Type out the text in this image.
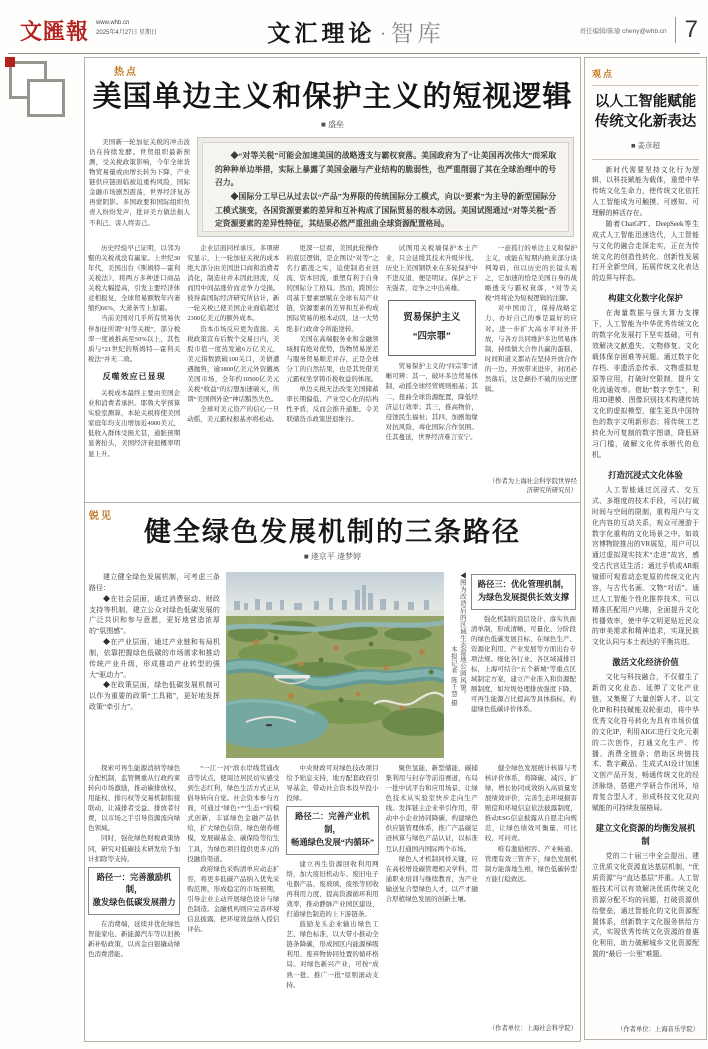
文匯報 www.whb.cn
2025年4月27日 星期日	文汇理论 · 智库	责任编辑/陈瑜 cheny@whb.cn 7
热点
美国单边主义和保护主义的短视逻辑
■ 盛垒

美国新一轮加征关税的冲击波仍在持续发酵。世贸组织最新预测，受关税政策影响，今年全球货物贸易量或由增长转为下降，产业链供应链面临被迫重构风险，国际金融市场剧烈震荡，世界经济复苏再蒙阴影。多国政要和国际组织负责人纷纷发声，批评美方做法损人不利己、害人终害己。

◆“对等关税”可能会加速美国的战略透支与霸权衰落。美国政府为了“让美国再次伟大”而采取的种种单边举措，实际上暴露了美国金融与产业结构的脆弱性，也严重削弱了其在全球治理中的号召力。

◆国际分工早已从过去以“产品”为界限的传统国际分工模式，向以“要素”为主导的新型国际分工模式演变，各国资源要素的差异和互补构成了国际贸易的根本动因。美国试图通过“对等关税”否定资源要素的差异性特征，其结果必然严重扭曲全球资源配置格局。

历史经验早已证明，以邻为壑的关税战没有赢家。上世纪30年代，美国出台《斯姆特—霍利关税法》，将两万多种进口商品关税大幅提高，引发主要经济体竞相报复，全球贸易额数年内萎缩约66%，大萧条雪上加霜。

当前美国对几乎所有贸易伙伴加征所谓“对等关税”，部分税率一度被推高至50%以上，其性质与“21世纪的斯姆特—霍利关税法”并无二致。

反噬效应已显现

关税成本最终主要由美国企业和消费者承担。耶鲁大学预算实验室测算，本轮关税将使美国家庭年均支出增加近4900美元，低收入群体受损尤甚，通胀预期显著抬头，美国经济衰退概率明显上升。

企业层面同样承压。多项研究显示，上一轮加征关税的成本绝大部分由美国进口商和消费者消化，制造业并未因此回流，反而因中间品涨价而竞争力受损。彼得森国际经济研究所估计，新一轮关税已使美国企业面临超过2300亿美元的额外成本。

资本市场反应更为直接。关税政策宣布后数个交易日内，美股市值一度蒸发逾6万亿美元，美元指数跌破100关口，美债遭遇抛售，逾3800亿美元外资撤离美国市场，全年约10500亿美元关税“收益”的幻想加速破灭，所谓“美国例外论”神话黯然失色。

全球对美元资产的信心一旦动摇，美元霸权根基亦将松动。

更深一层看，美国此轮操作的底层逻辑，是企图以“对等”之名行霸凌之实，迫使制造业回流、资本回流，重塑有利于自身的国际分工格局。然而，跨国公司基于要素禀赋在全球布局产业链，资源要素的差异和互补构成国际贸易的根本动因，这一大势绝非行政命令所能逆转。

美国在高端服务业和金融领域拥有绝对优势，货物贸易逆差与服务贸易顺差并存，正是全球分工的自然结果，也是其凭借美元霸权坐享铸币税收益的体现。

单边关税无法改变美国储蓄率长期偏低、产业空心化的结构性矛盾，反而会推升通胀，令美联储货币政策进退维谷。

试图用关税墙保护本土产业，只会延缓其技术升级步伐。历史上美国钢铁业在多轮保护中不进反退，便是明证。保护之下无强者，竞争之中出英雄。

贸易保护主义
“四宗罪”

贸易保护主义的“四宗罪”清晰可辨：其一，破坏多边贸易体制，动摇全球经贸规则根基；其二，扭曲全球资源配置，降低经济运行效率；其三，推高物价，侵蚀民生福祉；其四，加剧地缘对抗风险，毒化国际合作氛围。任其蔓延，世界经济难言安宁。

一意孤行的单边主义和保护主义，或能在短期内换来部分谈判筹码，但以历史的长镜头观之，它加速的恰是美国自身的战略透支与霸权衰落，“对等关税”终将沦为短视逻辑的注脚。

对中国而言，保持战略定力、办好自己的事是最好的应对。进一步扩大高水平对外开放，与各方共同维护多边贸易体制，持续做大合作共赢的蛋糕，时间和道义都站在坚持开放合作的一边。开放带来进步，封闭必然落后，这是颠扑不破的历史逻辑。

（作者为上海社会科学院世界经济研究所研究员）
锐见
健全绿色发展机制的三条路径
■ 逄京平 逄梦婷

建立健全绿色发展机制，可考虑三条路径：

◆在社会层面，通过消费驱动、财政支持等机制，建立公众对绿色低碳发展的广泛共识和参与意愿，更好地营造浓厚的“氛围感”。

◆在产业层面，通过产业链和布局机制，依靠把握绿色低碳的市场需求和推动传统产业升级，形成推动产业转型的强大“驱动力”。

◆在政策层面，绿色低碳发展机制可以作为重要的政策“工具箱”，更好地发挥政策“牵引力”。

◀图为改造后的区域生态湿地公园风貌。
本报记者 陈千慧 摄
路径三：优化管理机制，
为绿色发展提供长效支撑

强化机制的顶层设计，落实负面清单制，形成清晰、可量化、分阶段的绿色低碳发展目标，在绿色生产、资源化利用、产业发展等方面出台专项法规。细化各行业、各区域减排目标，上海可结合“五个新城”等重点区域制定方案，建立产业准入和资源配额制度，如垃圾处理排放强度下降、可再生能源占比提高等具体指标，构建绿色低碳评价体系。

探索可再生能源消纳等绿色分配机制，监管侧重从行政约束转向市场激励，推动碳排放权、用能权、排污权等交易机制衔接联动，让减排者受益、排放者付费，以市场之手引导资源流向绿色领域。

同时，强化绿色财税政策协同，研究对低碳技术研发给予加计扣除等支持。

路径一：完善激励机制，
激发绿色低碳发展潜力

在消费端，延续并优化绿色智能家电、新能源汽车等以旧换新补贴政策，以真金白银撬动绿色消费潜能。

“一江一河”滨水岸线贯通改造等试点，使周边居民切实感受到生态红利，绿色生活方式正从倡导转向自觉。社会资本参与方面，可通过“绿色+”“生态+”的模式创新，丰富绿色金融产品供给，扩大绿色信贷、绿色债券规模，发展碳基金、碳保险等衍生工具，为绿色项目提供更多元的投融资渠道。

政府绿色采购清单应动态扩容，将更多低碳产品纳入优先采购范围，形成稳定的市场预期，引导企业主动开展绿色设计与绿色制造。金融机构则应完善环境信息披露，把环境效益纳入授信评估。

中央财政可对绿色技改项目给予贴息支持，地方配套政府引导基金，带动社会资本投早投小投绿。

路径二：完善产业机制，
畅通绿色发展“内循环”

建立再生资源回收利用网络，加大废旧机动车、废旧电子电器产品、废玻璃、废纸等回收再利用力度，提高资源循环利用效率，推动静脉产业园区建设，打通绿色制造的上下游链条。

鼓励龙头企业输出绿色工艺、绿色标准，以大带小推动全链条降碳，形成园区内能源梯级利用、废弃物协同处置的循环格局。对绿色新兴产业，可按“成熟一批、推广一批”原则滚动支持。

聚焦氢能、新型储能、碳捕集利用与封存等前沿赛道，布局一批中试平台和应用场景，让绿色技术从实验室快步走向生产线。发挥链主企业牵引作用，带动中小企业协同降碳，构建绿色供应链管理体系，推广产品碳足迹核算与绿色产品认证，以标准互认打通国内国际两个市场。

绿色人才机制同样关键，应在高校增设碳管理相关学科，贯通职业培训与继续教育，为产业输送复合型绿色人才，以产才融合厚植绿色发展的创新土壤。

健全绿色发展统计核算与考核评价体系，将降碳、减污、扩绿、增长协同成效纳入高质量发展绩效评价，完善生态环境损害赔偿和环境信息依法披露制度，推动ESG信息披露从自愿走向规范，让绿色绩效可衡量、可比较、可问责。

唯有激励相容、产业畅通、管理有效三管齐下，绿色发展机制方能落地生根，绿色低碳转型方能行稳致远。

（作者单位：上海社会科学院）
观点
以人工智能赋能传统文化新表达
■ 姜彦超

新时代需要坚持文化行为逻辑，以科技赋能为载体，重塑中华传统文化生命力，使传统文化依托人工智能成为可触摸、可感知、可理解的鲜活存在。

随着ChatGPT、DeepSeek等生成式人工智能迅速迭代，人工智能与文化的融合走深走实，正在为传统文化的创造性转化、创新性发展打开全新空间，拓展传统文化表达的边界与样态。

构建文化数字化保护

在海量数据与强大算力支撑下，人工智能为中华优秀传统文化的数字化发展打下坚实基础，可有效解决文献遗失、文物修复、文化载体保存困难等问题。通过数字化存档、非遗活态传承、文物虚拟复原等应用，打破时空限制，提升文化流通效率。借助“数字孪生”，利用3D建模、图像识别技术构建传统文化的虚拟模型，催生更具中国特色的数字文明新形态；将传统工艺转化为可复制的数字图谱，降低研习门槛，破解文化传承断代的危机。

打造沉浸式文化体验

人工智能通过沉浸式、交互式、多维度的技术手段，可以打破时间与空间的限制，重构用户与文化内容的互动关系，观众可漫游于数字化重构的文化场景之中。如故宫博物院推出的VR展览，用户可以通过虚拟现实技术“走进”故宫，感受古代宫廷生活；通过手机或AR眼镜即可观看动态复原的传统文化内容，与古代名画、文物“对话”。通过人工智能个性化推荐技术，可以精准匹配用户兴趣，全面提升文化传播效率，使中华文明更贴近民众的审美需求和精神追求，实现民族文化认同与本土表达的平衡共进。

激活文化经济价值

文化与科技融合，不仅催生了新的文化业态、延伸了文化产业链，又集聚了大量创新人才。以文化IP和科技赋能双轮驱动，将中华优秀文化符号转化为具有市场价值的文化IP，利用AIGC进行文化元素的二次创作，打通文化生产、传播、消费全链条；借助区块链技术、数字藏品、生成式AI设计加速文创产品开发，畅通传统文化的经济脉络，搭建产学研合作闭环，培育复合型人才，形成科技文化双向赋能的可持续发展格局。

建立文化资源的均衡发展机制

党的二十届三中全会提出，建立优质文化资源直达基层机制，“优质资源”与“直达基层”并重。人工智能技术可以有效解决优质传统文化资源分配不均的问题，打破资源供给壁垒，通过智能化的文化资源配置体系，创新数字文化服务供给方式，实现优秀传统文化资源的普惠化利用，助力破解城乡文化资源配置的“最后一公里”难题。

（作者单位：上海音乐学院）
